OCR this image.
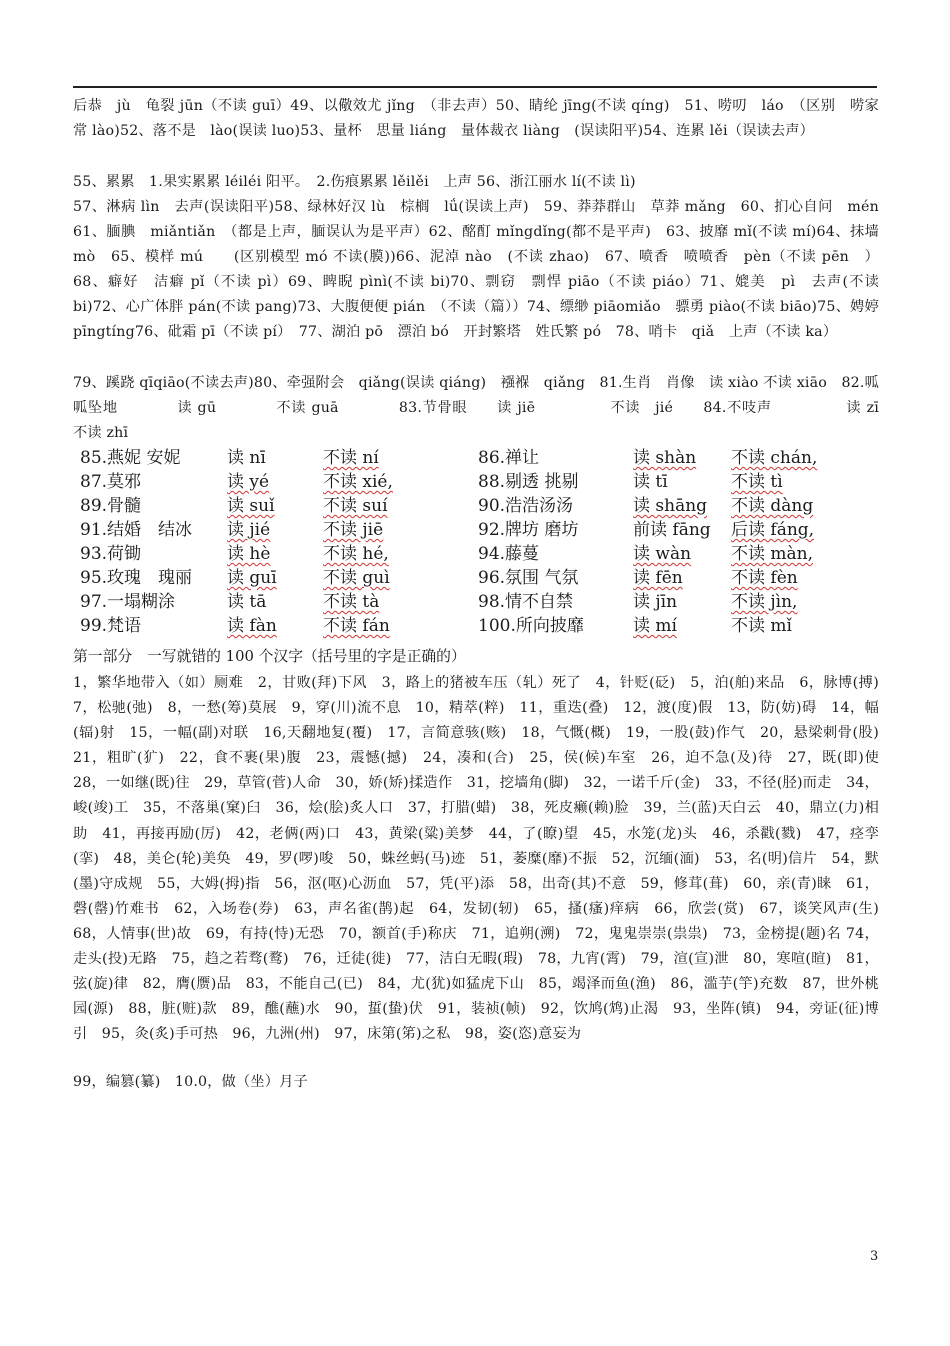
后恭　jù　龟裂 jūn（不读 guī）49、以儆效尤 jǐng　（非去声）50、睛纶 jīng(不读 qíng)　51、唠叨　láo　（区别　唠家常 lào)52、落不是　lào(误读 luo)53、量杯　思量 liáng　量体裁衣 liàng　(误读阳平)54、连累 lěi（误读去声）

55、累累　1.果实累累 léiléi 阳平。　2.伤痕累累 lěilěi　上声 56、浙江丽水 lí(不读 lì)

57、淋病 lìn　去声(误读阳平)58、绿林好汉 lù　棕榈　lǘ(误读上声)　59、莽莽群山　草莽 mǎng　60、扪心自问　mén　61、腼腆　miǎntiǎn　（都是上声，腼误认为是平声）62、酩酊 mǐngdǐng(都不是平声)　63、披靡 mǐ(不读 mí)64、抹墙　mò　65、模样 mú　　(区别模型 mó 不读(膜))66、泥淖 nào　(不读 zhao)　67、喷香　喷喷香　pèn（不读 pēn　）68、癖好　洁癖 pǐ（不读 pì）69、睥睨 pìnì(不读 bi)70、剽窃　剽悍 piāo（不读 piáo）71、媲美　pì　去声(不读 bi)72、心广体胖 pán(不读 pang)73、大腹便便 pián　（不读（篇））74、缥缈 piāomiǎo　骠勇 piào(不读 biāo)75、娉婷 pīngtíng76、砒霜 pī（不读 pí）　77、湖泊 pō　漂泊 bó　开封繁塔　姓氏繁 pó　78、哨卡　qiǎ　上声（不读 ka）

79、蹊跷 qīqiāo(不读去声)80、牵强附会　qiǎng(误读 qiáng)　襁褓　qiǎng　81.生肖　肖像　读 xiào 不读 xiāo　82.呱呱坠地　　　　读 gū　　　　不读 guā　　　　83.节骨眼　　读 jiē　　　　　不读　jié　　84.不吱声　　　　　读 zī　　　　不读 zhī

85.燕妮 安妮	读 nī	不读 ní	86.禅让	读 shàn 不读 chán,
87.莫邪	读 yé	不读 xié,	88.剔透 挑剔	读 tī	不读 tì
89.骨髓	读 suǐ	不读 suí	90.浩浩汤汤	读 shāng 不读 dàng
91.结婚　结冰 读 jié	不读 jiē	92.牌坊 磨坊	前读 fāng 后读 fáng,
93.荷锄	读 hè	不读 hé,	94.藤蔓	读 wàn 不读 màn,
95.玫瑰　瑰丽 读 guī	不读 guì	96.氛围 气氛	读 fēn	不读 fèn
97.一塌糊涂	读 tā	不读 tà	98.情不自禁	读 jīn	不读 jìn,
99.梵语	读 fàn	不读 fán	100.所向披靡	读 mí	不读 mǐ
第一部分　一写就错的 100 个汉字（括号里的字是正确的）

1，繁华地带入（如）厕难　2，甘败(拜)下风　3，路上的猪被车压（轧）死了　4，针贬(砭)　5，泊(舶)来品　6，脉博(搏)　7，松驰(弛)　8，一愁(筹)莫展　9，穿(川)流不息　10，精萃(粹)　11，重迭(叠)　12，渡(度)假　13，防(妨)碍　14，幅(辐)射　15，一幅(副)对联　16,天翻地复(覆)　17，言简意骇(赅)　18，气慨(概)　19，一股(鼓)作气　20，悬梁刺骨(股) 21，粗旷(犷)　22，食不裹(果)腹　23，震憾(撼)　24，凑和(合)　25，侯(候)车室　26，迫不急(及)待　27，既(即)使　28，一如继(既)往　29，草管(菅)人命　30，娇(矫)揉造作　31，挖墙角(脚)　32，一诺千斤(金)　33，不径(胫)而走　34，峻(竣)工　35，不落巢(窠)臼　36，烩(脍)炙人口　37，打腊(蜡)　38，死皮癞(赖)脸　39，兰(蓝)天白云　40，鼎立(力)相助　41，再接再励(厉)　42，老俩(两)口　43，黄梁(粱)美梦　44，了(瞭)望　45，水笼(龙)头　46，杀戳(戮)　47，痉孪(挛)　48，美仑(轮)美奂　49，罗(啰)唆　50，蛛丝蚂(马)迹　51，萎糜(靡)不振　52，沉缅(湎)　53，名(明)信片　54，默(墨)守成规　55，大姆(拇)指　56，沤(呕)心沥血　57，凭(平)添　58，出奇(其)不意　59，修茸(葺)　60，亲(青)睐　61，磬(罄)竹难书　62，入场卷(券)　63，声名雀(鹊)起　64，发韧(轫)　65，搔(瘙)痒病　66，欣尝(赏)　67，谈笑风声(生)　68，人情事(世)故　69，有持(恃)无恐　70，额首(手)称庆　71，追朔(溯)　72，鬼鬼崇崇(祟祟)　73，金榜提(题)名 74，走头(投)无路　75，趋之若骛(鹜)　76，迁徒(徙)　77，洁白无暇(瑕)　78，九宵(霄)　79，渲(宣)泄　80，寒喧(暄)　81，弦(旋)律　82，膺(赝)品　83，不能自己(已)　84，尤(犹)如猛虎下山　85，竭泽而鱼(渔)　86，滥芋(竽)充数　87，世外桃园(源)　88，脏(赃)款　89，醮(蘸)水　90，蜇(蛰)伏　91，装祯(帧)　92，饮鸠(鸩)止渴　93，坐阵(镇)　94，旁证(征)博引　95，灸(炙)手可热　96，九洲(州)　97，床第(笫)之私　98，姿(恣)意妄为

99，编篡(纂)　10.0，做（坐）月子

3
